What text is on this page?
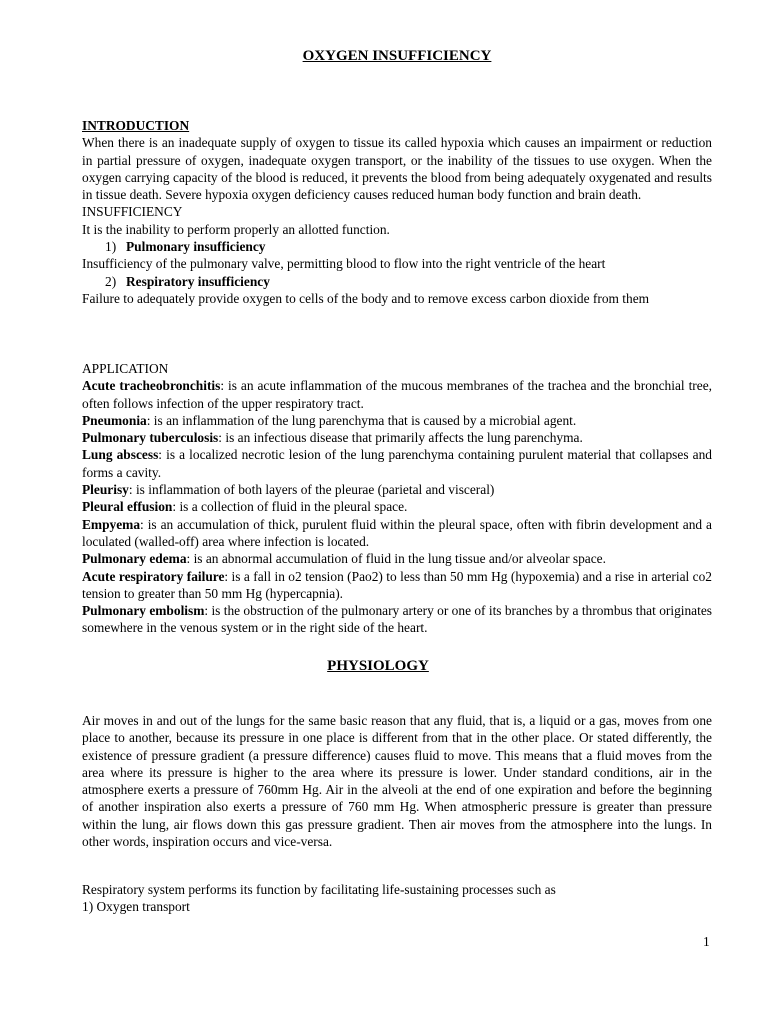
OXYGEN INSUFFICIENCY
INTRODUCTION
When there is an inadequate supply of oxygen to tissue its called hypoxia which causes an impairment or reduction in partial pressure of oxygen, inadequate oxygen transport, or the inability of the tissues to use oxygen. When the oxygen carrying capacity of the blood is reduced, it prevents the blood from being adequately oxygenated and results in tissue death. Severe hypoxia oxygen deficiency causes reduced human body function and brain death.
INSUFFICIENCY
It is the inability to perform properly an allotted function.
1) Pulmonary insufficiency
Insufficiency of the pulmonary valve, permitting blood to flow into the right ventricle of the heart
2) Respiratory insufficiency
Failure to adequately provide oxygen to cells of the body and to remove excess carbon dioxide from them
APPLICATION
Acute tracheobronchitis: is an acute inflammation of the mucous membranes of the trachea and the bronchial tree, often follows infection of the upper respiratory tract.
Pneumonia: is an inflammation of the lung parenchyma that is caused by a microbial agent.
Pulmonary tuberculosis: is an infectious disease that primarily affects the lung parenchyma.
Lung abscess: is a localized necrotic lesion of the lung parenchyma containing purulent material that collapses and forms a cavity.
Pleurisy: is inflammation of both layers of the pleurae (parietal and visceral)
Pleural effusion: is a collection of fluid in the pleural space.
Empyema: is an accumulation of thick, purulent fluid within the pleural space, often with fibrin development and a loculated (walled-off) area where infection is located.
Pulmonary edema: is an abnormal accumulation of fluid in the lung tissue and/or alveolar space.
Acute respiratory failure: is a fall in o2 tension (Pao2) to less than 50 mm Hg (hypoxemia) and a rise in arterial co2 tension to greater than 50 mm Hg (hypercapnia).
Pulmonary embolism: is the obstruction of the pulmonary artery or one of its branches by a thrombus that originates somewhere in the venous system or in the right side of the heart.
PHYSIOLOGY
Air moves in and out of the lungs for the same basic reason that any fluid, that is, a liquid or a gas, moves from one place to another, because its pressure in one place is different from that in the other place. Or stated differently, the existence of pressure gradient (a pressure difference) causes fluid to move. This means that a fluid moves from the area where its pressure is higher to the area where its pressure is lower. Under standard conditions, air in the atmosphere exerts a pressure of 760mm Hg. Air in the alveoli at the end of one expiration and before the beginning of another inspiration also exerts a pressure of 760 mm Hg. When atmospheric pressure is greater than pressure within the lung, air flows down this gas pressure gradient. Then air moves from the atmosphere into the lungs. In other words, inspiration occurs and vice-versa.
Respiratory system performs its function by facilitating life-sustaining processes such as
1) Oxygen transport
1
